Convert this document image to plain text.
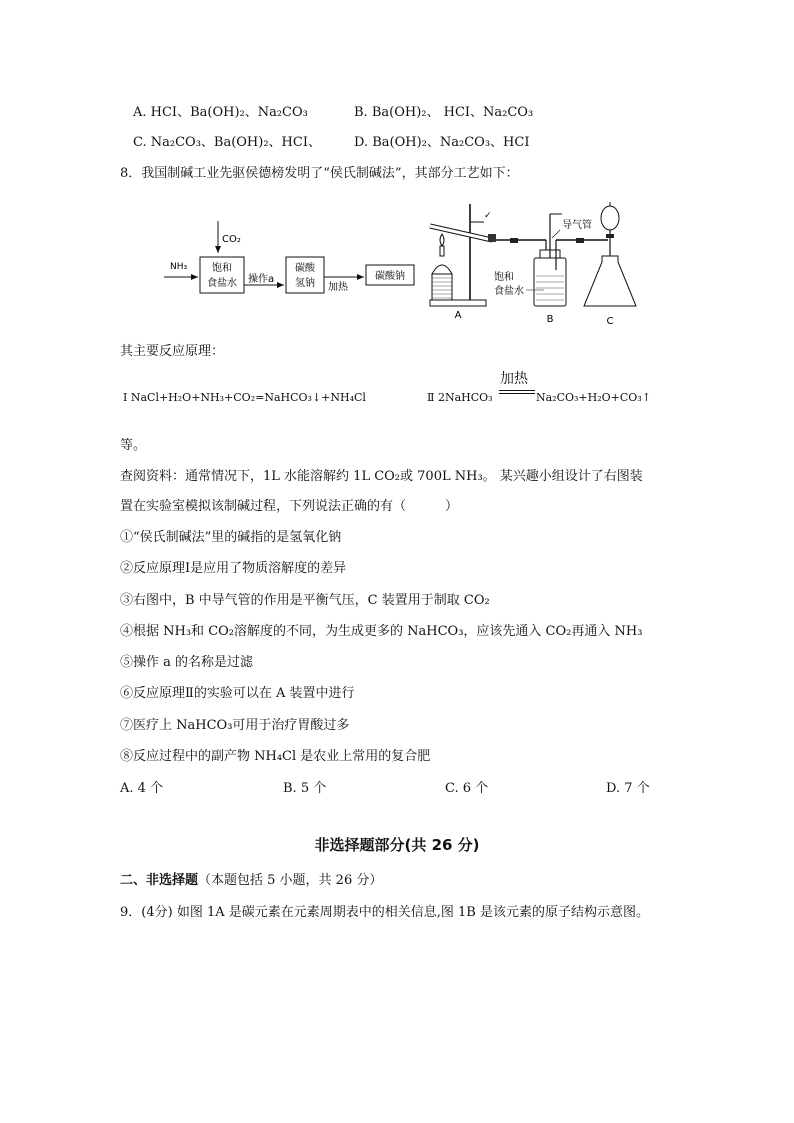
A. HCI、Ba(OH)₂、Na₂CO₃	B. Ba(OH)₂、 HCI、Na₂CO₃
C. Na₂CO₃、Ba(OH)₂、HCI、	D. Ba(OH)₂、Na₂CO₃、HCI
8．我国制碱工业先驱侯德榜发明了“侯氏制碱法”，其部分工艺如下：
CO₂
NH₃ 饱和
食盐水 操作a
碳酸
氢钠 加热
碳酸钠
✓
A
导气管
饱和
食盐水
B	C
其主要反应原理：
Ⅰ NaCl+H₂O+NH₃+CO₂=NaHCO₃↓+NH₄Cl	Ⅱ 2NaHCO₃
加热
Na₂CO₃+H₂O+CO₃↑
等。
查阅资料：通常情况下，1L 水能溶解约 1L CO₂或 700L NH₃。 某兴趣小组设计了右图装
置在实验室模拟该制碱过程，下列说法正确的有（　　　）
①“侯氏制碱法”里的碱指的是氢氧化钠
②反应原理Ⅰ是应用了物质溶解度的差异
③右图中，B 中导气管的作用是平衡气压，C 装置用于制取 CO₂
④根据 NH₃和 CO₂溶解度的不同，为生成更多的 NaHCO₃，应该先通入 CO₂再通入 NH₃
⑤操作 a 的名称是过滤
⑥反应原理Ⅱ的实验可以在 A 装置中进行
⑦医疗上 NaHCO₃可用于治疗胃酸过多
⑧反应过程中的副产物 NH₄Cl 是农业上常用的复合肥
A. 4 个	B. 5 个	C. 6 个	D. 7 个
非选择题部分(共 26 分)
二、非选择题（本题包括 5 小题，共 26 分）
9．(4分) 如图 1A 是碳元素在元素周期表中的相关信息,图 1B 是该元素的原子结构示意图。
